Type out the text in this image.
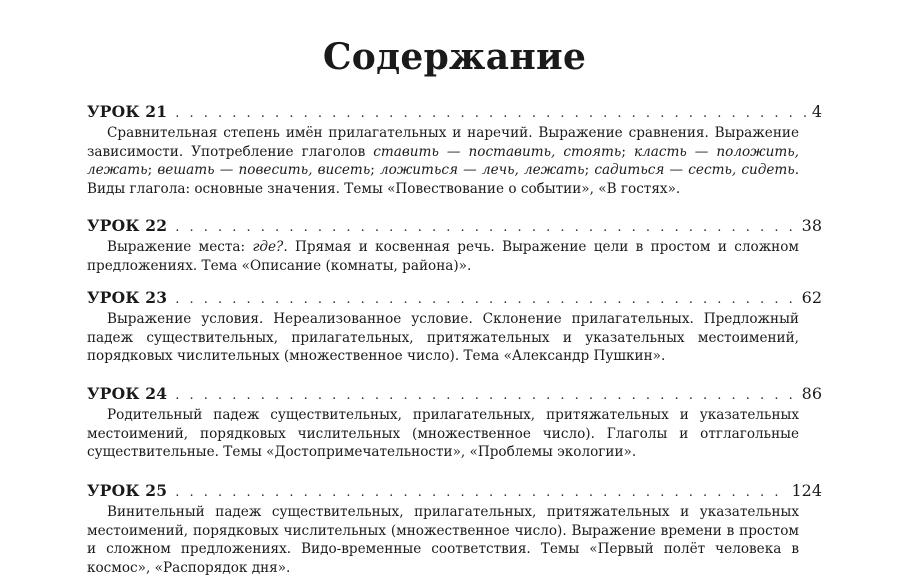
Содержание
УРОК 21 . . .	4
Сравнительная степень имён прилагательных и наречий. Выражение сравнения. Выражение зависимости. Употребление глаголов ставить — поставить, стоять; класть — положить, лежать; вешать — повесить, висеть; ложиться — лечь, лежать; садиться — сесть, сидеть. Виды глагола: основные значения. Темы «Повествование о событии», «В гостях».
УРОК 22 . . .	38
Выражение места: где?. Прямая и косвенная речь. Выражение цели в простом и сложном предложениях. Тема «Описание (комнаты, района)».
УРОК 23 . . .	62
Выражение условия. Нереализованное условие. Склонение прилагательных. Предложный падеж существительных, прилагательных, притяжательных и указательных местоимений, порядковых числительных (множественное число). Тема «Александр Пушкин».
УРОК 24 . . .	86
Родительный падеж существительных, прилагательных, притяжательных и указательных местоимений, порядковых числительных (множественное число). Глаголы и отглагольные существительные. Темы «Достопримечательности», «Проблемы экологии».
УРОК 25 . . .	124
Винительный падеж существительных, прилагательных, притяжательных и указательных местоимений, порядковых числительных (множественное число). Выражение времени в простом и сложном предложениях. Видо-временные соответствия. Темы «Первый полёт человека в космос», «Распорядок дня».
